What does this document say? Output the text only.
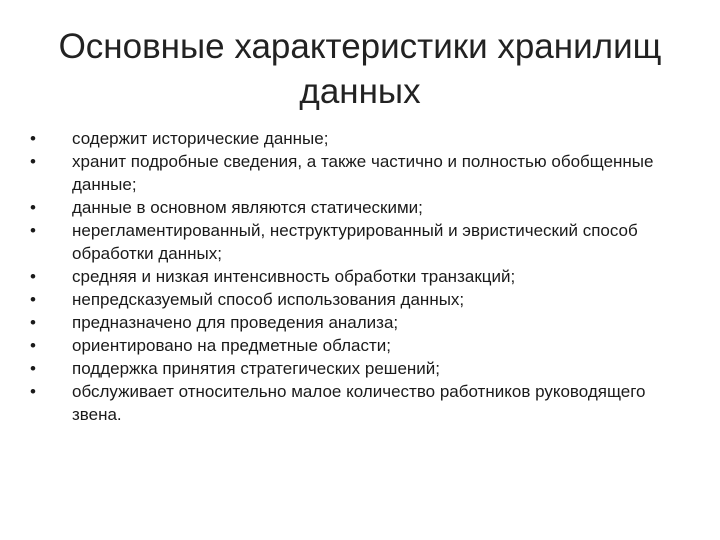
Основные характеристики хранилищ
данных
•	содержит исторические данные;
•	хранит подробные сведения, а также частично и полностью обобщенные данные;
•	данные в основном являются статическими;
•	нерегламентированный, неструктурированный и эвристический способ обработки данных;
•	средняя и низкая интенсивность обработки транзакций;
•	непредсказуемый способ использования данных;
•	предназначено для проведения анализа;
•	ориентировано на предметные области;
•	поддержка принятия стратегических решений;
•	обслуживает относительно малое количество работников руководящего звена.
